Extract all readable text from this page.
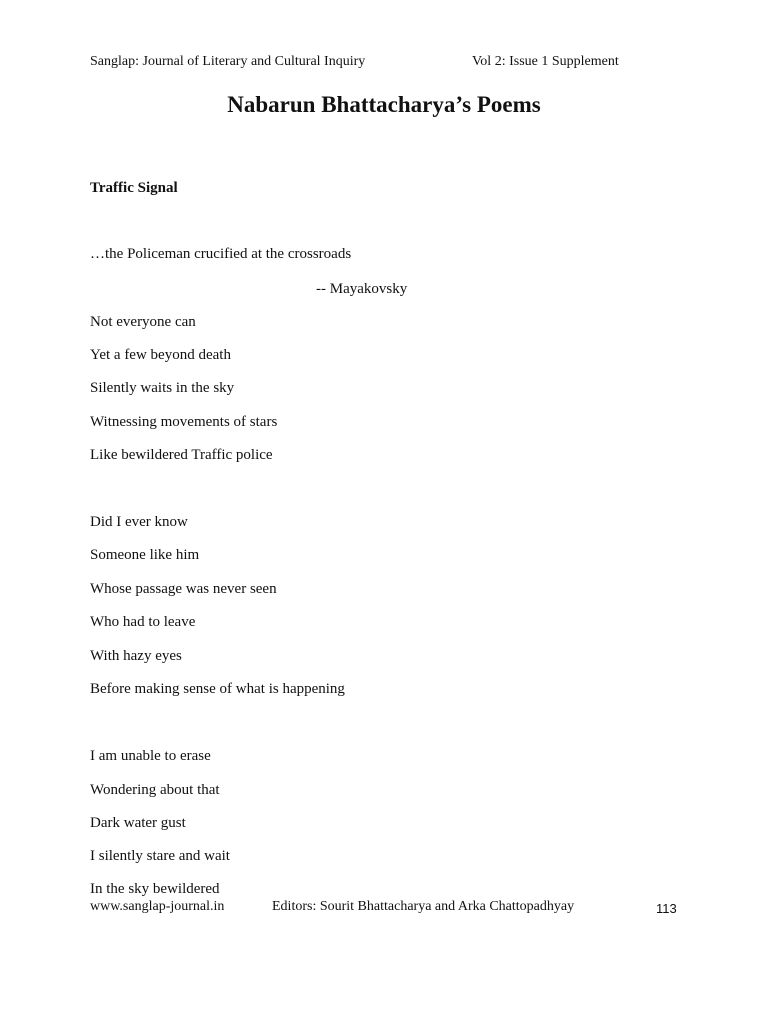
Sanglap: Journal of Literary and Cultural Inquiry	Vol 2: Issue 1 Supplement
Nabarun Bhattacharya’s Poems
Traffic Signal
…the Policeman crucified at the crossroads
-- Mayakovsky
Not everyone can
Yet a few beyond death
Silently waits in the sky
Witnessing movements of stars
Like bewildered Traffic police
Did I ever know
Someone like him
Whose passage was never seen
Who had to leave
With hazy eyes
Before making sense of what is happening
I am unable to erase
Wondering about that
Dark water gust
I silently stare and wait
In the sky bewildered
www.sanglap-journal.in	Editors: Sourit Bhattacharya and Arka Chattopadhyay	113
